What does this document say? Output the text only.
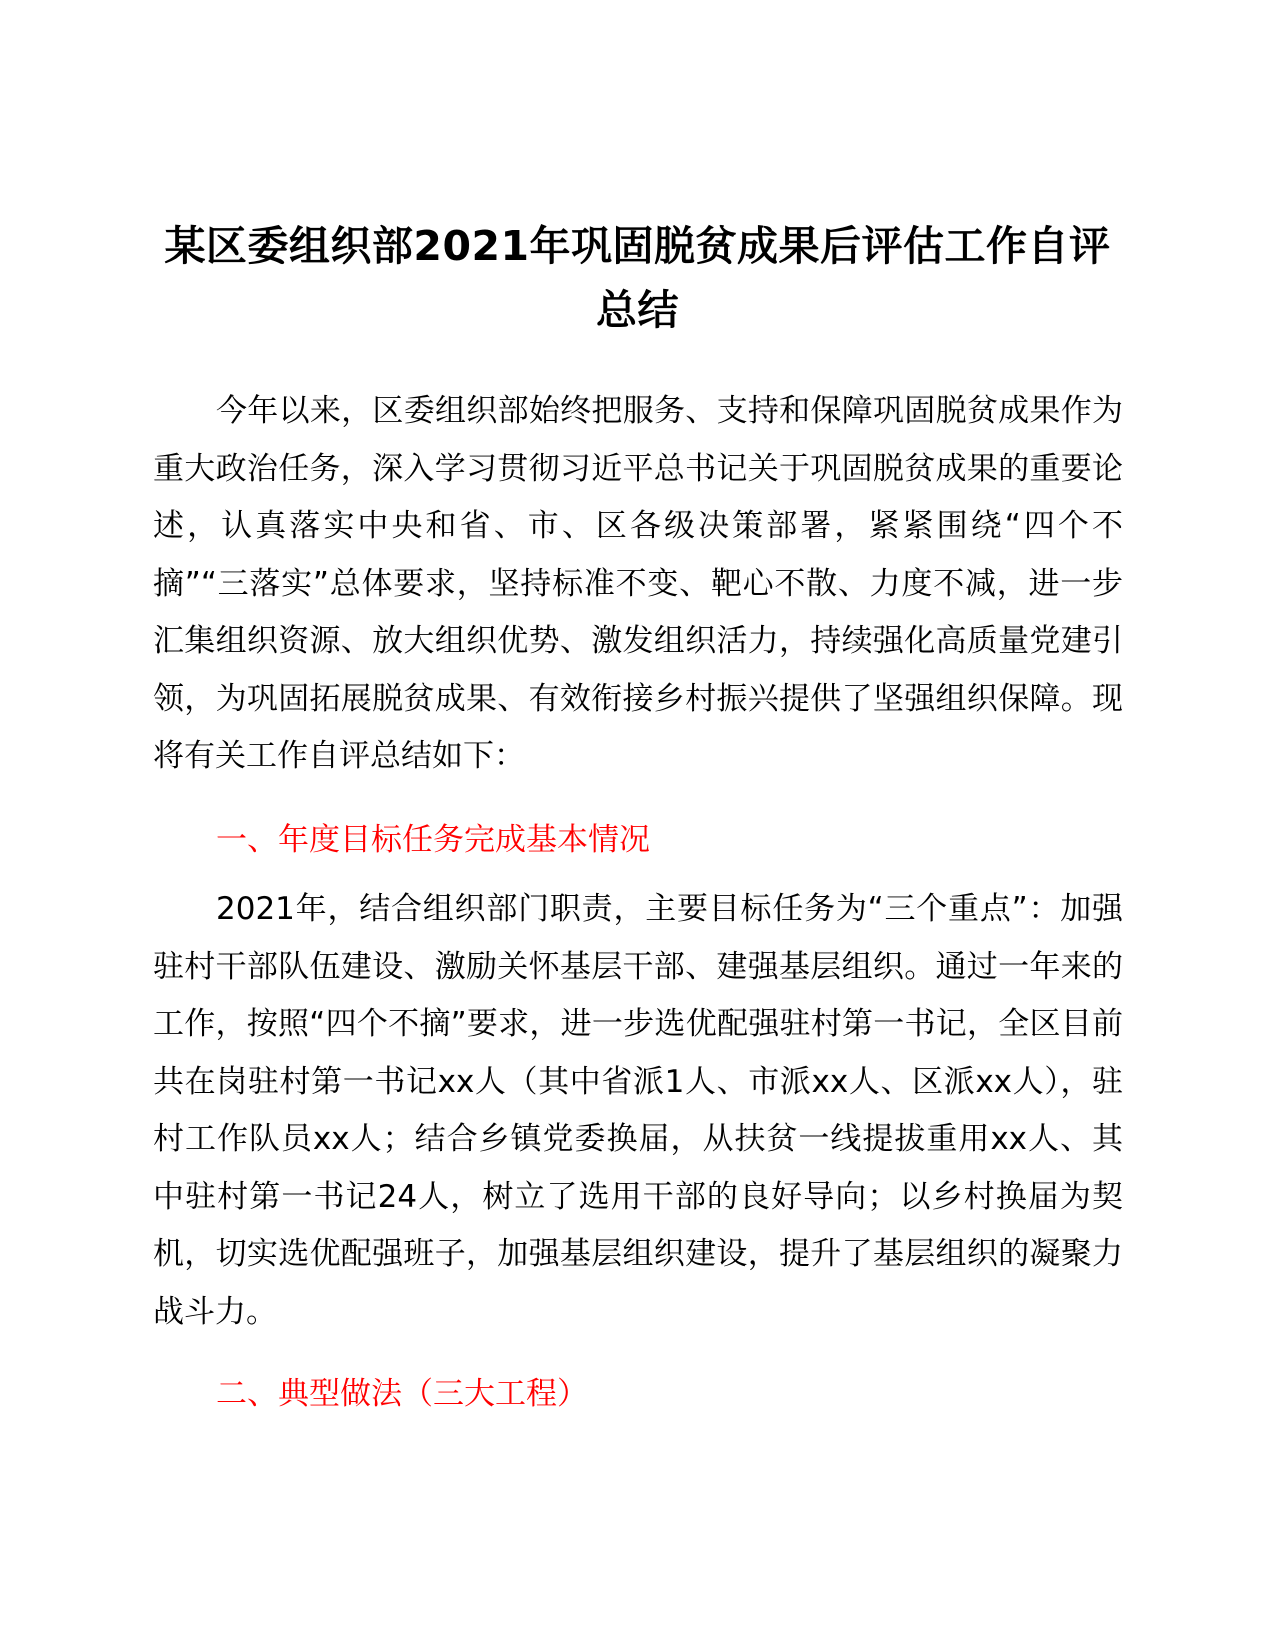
某区委组织部2021年巩固脱贫成果后评估工作自评总结

今年以来，区委组织部始终把服务、支持和保障巩固脱贫成果作为重大政治任务，深入学习贯彻习近平总书记关于巩固脱贫成果的重要论述，认真落实中央和省、市、区各级决策部署，紧紧围绕“四个不摘”“三落实”总体要求，坚持标准不变、靶心不散、力度不减，进一步汇集组织资源、放大组织优势、激发组织活力，持续强化高质量党建引领，为巩固拓展脱贫成果、有效衔接乡村振兴提供了坚强组织保障。现将有关工作自评总结如下：

一、年度目标任务完成基本情况

2021年，结合组织部门职责，主要目标任务为“三个重点”：加强驻村干部队伍建设、激励关怀基层干部、建强基层组织。通过一年来的工作，按照“四个不摘”要求，进一步选优配强驻村第一书记，全区目前共在岗驻村第一书记xx人（其中省派1人、市派xx人、区派xx人），驻村工作队员xx人；结合乡镇党委换届，从扶贫一线提拔重用xx人、其中驻村第一书记24人，树立了选用干部的良好导向；以乡村换届为契机，切实选优配强班子，加强基层组织建设，提升了基层组织的凝聚力战斗力。

二、典型做法（三大工程）
